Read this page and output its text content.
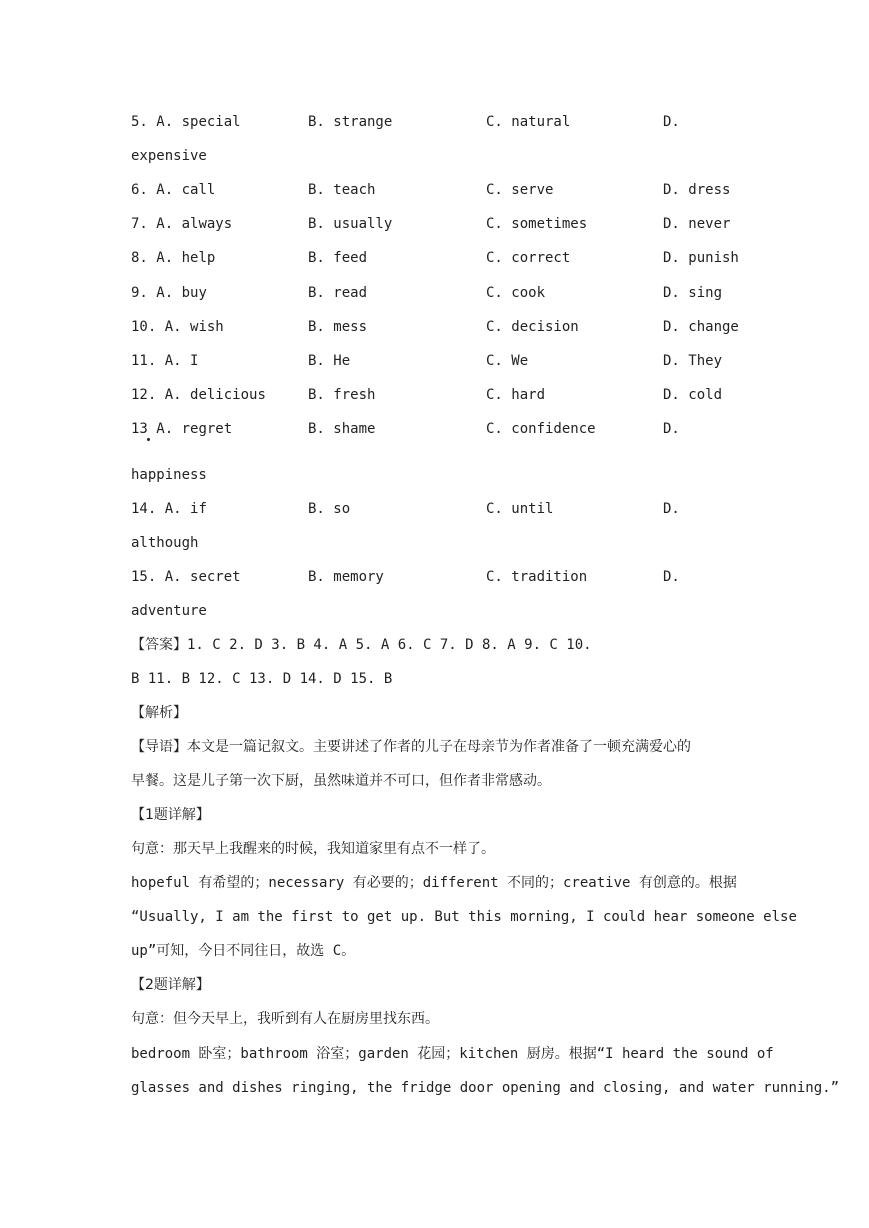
5. A. special	B. strange	C. natural	D.
expensive
6. A. call	B. teach	C. serve	D. dress
7. A. always	B. usually	C. sometimes	D. never
8. A. help	B. feed	C. correct	D. punish
9. A. buy	B. read	C. cook	D. sing
10. A. wish	B. mess	C. decision	D. change
11. A. I	B. He	C. We	D. They
12. A. delicious	B. fresh	C. hard	D. cold
13 A. regret	B. shame	C. confidence	D.
happiness
14. A. if	B. so	C. until	D.
although
15. A. secret	B. memory	C. tradition	D.
adventure
【答案】1. C 2. D 3. B 4. A 5. A 6. C 7. D 8. A 9. C 10.
B 11. B 12. C 13. D 14. D 15. B
【解析】
【导语】本文是一篇记叙文。主要讲述了作者的儿子在母亲节为作者准备了一顿充满爱心的
早餐。这是儿子第一次下厨，虽然味道并不可口，但作者非常感动。
【1题详解】
句意：那天早上我醒来的时候，我知道家里有点不一样了。
hopeful 有希望的；necessary 有必要的；different 不同的；creative 有创意的。根据
“Usually, I am the first to get up. But this morning, I could hear someone else
up”可知，今日不同往日，故选 C。
【2题详解】
句意：但今天早上，我听到有人在厨房里找东西。
bedroom 卧室；bathroom 浴室；garden 花园；kitchen 厨房。根据“I heard the sound of
glasses and dishes ringing, the fridge door opening and closing, and water running.”
